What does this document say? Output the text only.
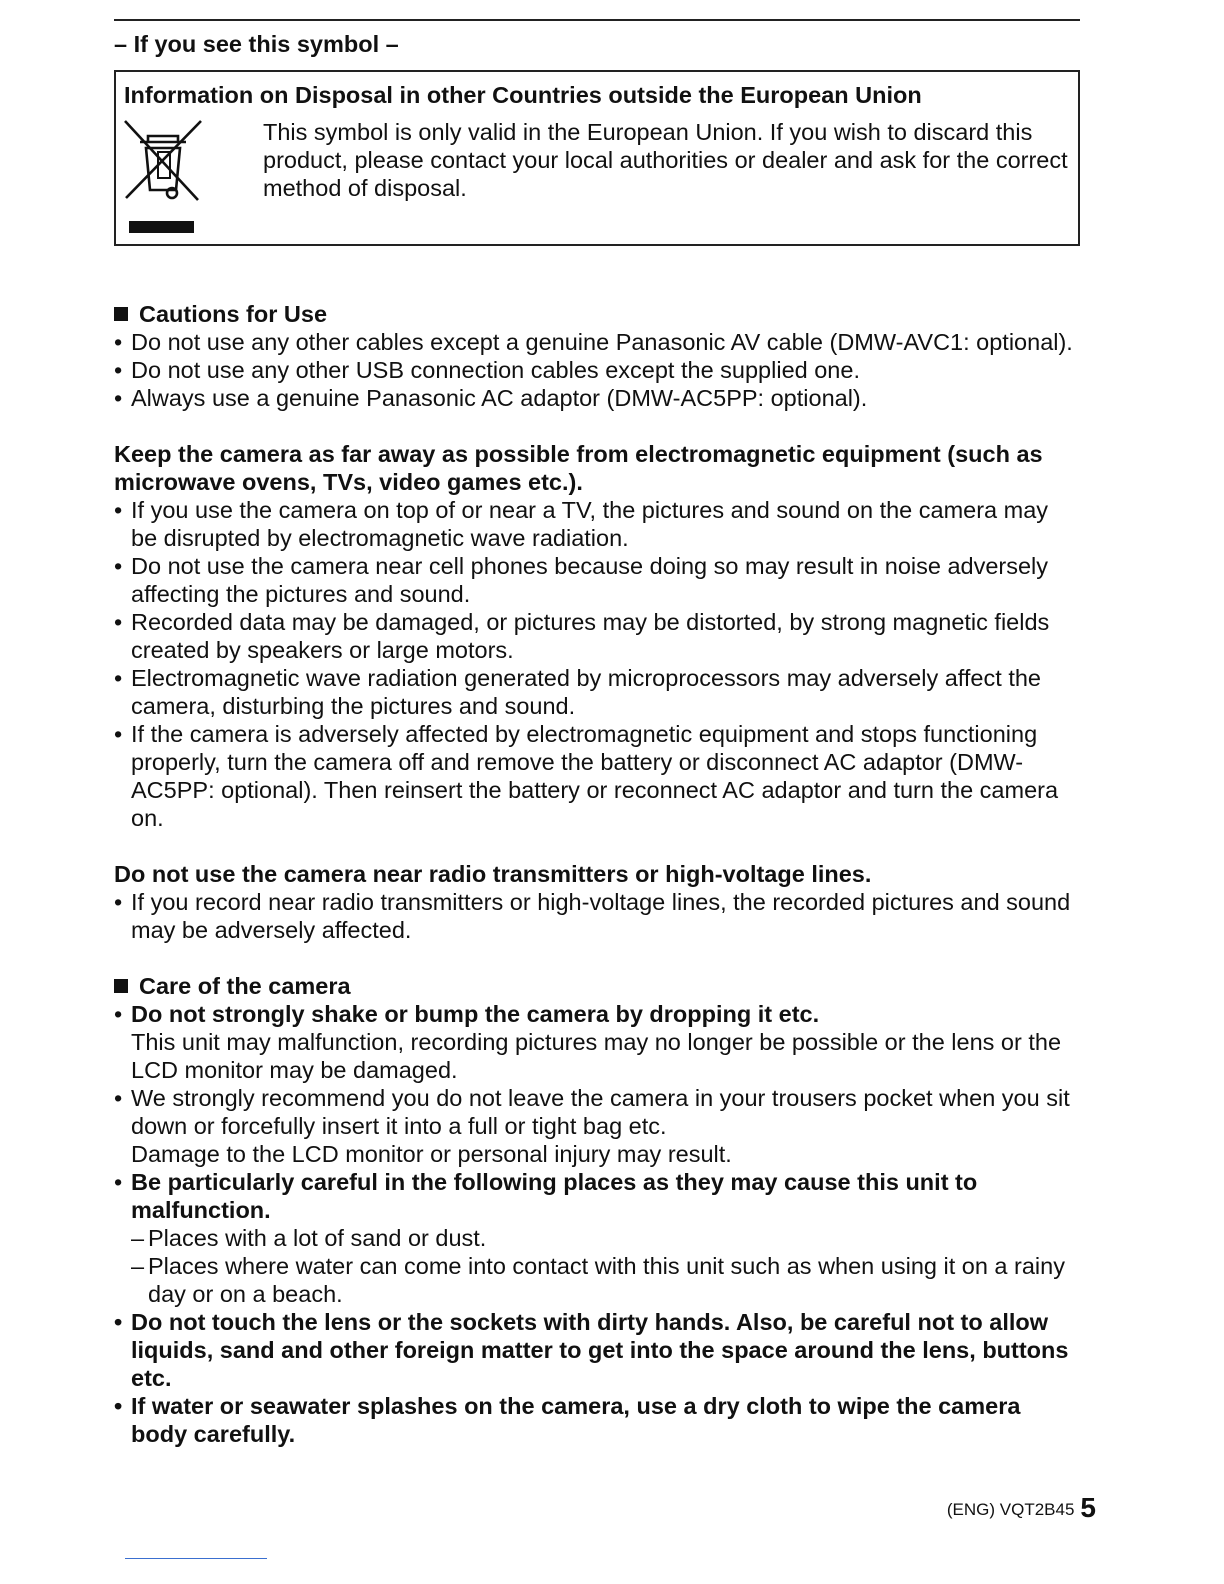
– If you see this symbol –
Information on Disposal in other Countries outside the European Union
This symbol is only valid in the European Union. If you wish to discard this product, please contact your local authorities or dealer and ask for the correct method of disposal.
Cautions for Use
• Do not use any other cables except a genuine Panasonic AV cable (DMW-AVC1: optional).
• Do not use any other USB connection cables except the supplied one.
• Always use a genuine Panasonic AC adaptor (DMW-AC5PP: optional).
Keep the camera as far away as possible from electromagnetic equipment (such as microwave ovens, TVs, video games etc.).
• If you use the camera on top of or near a TV, the pictures and sound on the camera may be disrupted by electromagnetic wave radiation.
• Do not use the camera near cell phones because doing so may result in noise adversely affecting the pictures and sound.
• Recorded data may be damaged, or pictures may be distorted, by strong magnetic fields created by speakers or large motors.
• Electromagnetic wave radiation generated by microprocessors may adversely affect the camera, disturbing the pictures and sound.
• If the camera is adversely affected by electromagnetic equipment and stops functioning properly, turn the camera off and remove the battery or disconnect AC adaptor (DMW-AC5PP: optional). Then reinsert the battery or reconnect AC adaptor and turn the camera on.
Do not use the camera near radio transmitters or high-voltage lines.
• If you record near radio transmitters or high-voltage lines, the recorded pictures and sound may be adversely affected.
Care of the camera
• Do not strongly shake or bump the camera by dropping it etc.
This unit may malfunction, recording pictures may no longer be possible or the lens or the LCD monitor may be damaged.
• We strongly recommend you do not leave the camera in your trousers pocket when you sit down or forcefully insert it into a full or tight bag etc.
Damage to the LCD monitor or personal injury may result.
• Be particularly careful in the following places as they may cause this unit to malfunction.
– Places with a lot of sand or dust.
– Places where water can come into contact with this unit such as when using it on a rainy day or on a beach.
• Do not touch the lens or the sockets with dirty hands. Also, be careful not to allow liquids, sand and other foreign matter to get into the space around the lens, buttons etc.
• If water or seawater splashes on the camera, use a dry cloth to wipe the camera body carefully.
(ENG) VQT2B45 5
